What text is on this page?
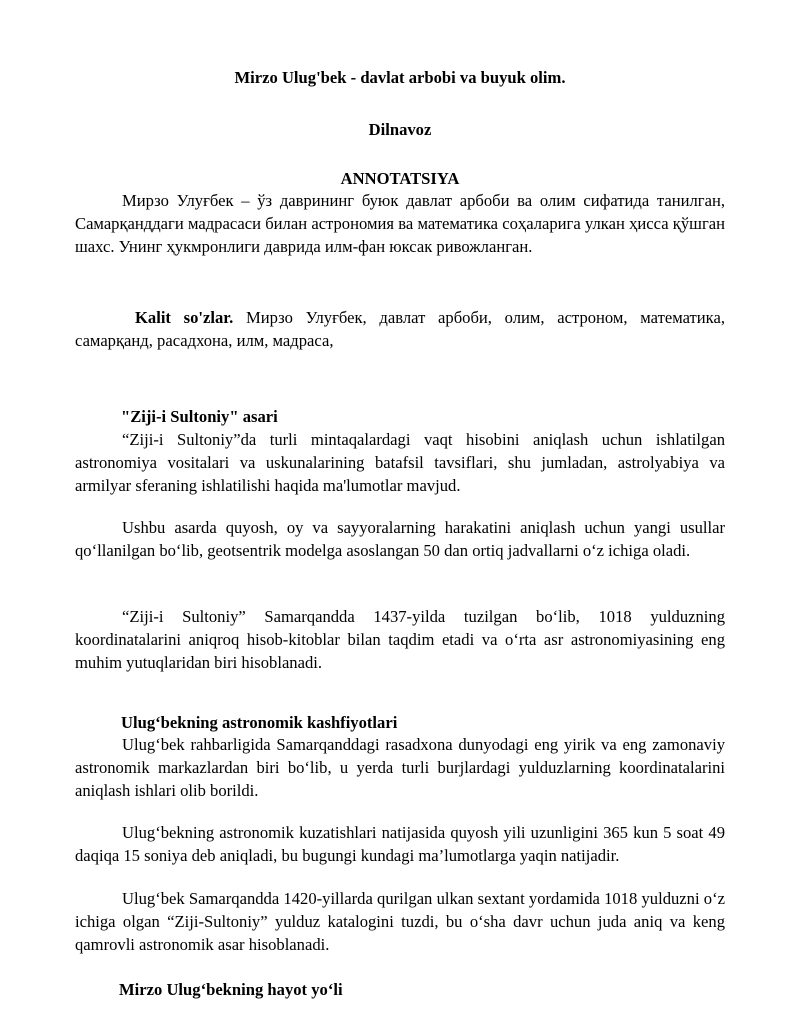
Mirzo Ulug'bek - davlat arbobi va buyuk olim.
Dilnavoz
ANNOTATSIYA

Мирзо Улуғбек – ўз даврининг буюк давлат арбоби ва олим сифатида танилган, Самарқанддаги мадрасаси билан астрономия ва математика соҳаларига улкан ҳисса қўшган шахс. Унинг ҳукмронлиги даврида илм-фан юксак ривожланган.

Kalit so'zlar. Мирзо Улуғбек, давлат арбоби, олим, астроном, математика, самарқанд, расадхона, илм, мадраса,

"Ziji-i Sultoniy" asari

“Ziji-i Sultoniy”da turli mintaqalardagi vaqt hisobini aniqlash uchun ishlatilgan astronomiya vositalari va uskunalarining batafsil tavsiflari, shu jumladan, astrolyabiya va armilyar sferaning ishlatilishi haqida ma'lumotlar mavjud.

Ushbu asarda quyosh, oy va sayyoralarning harakatini aniqlash uchun yangi usullar qo‘llanilgan bo‘lib, geotsentrik modelga asoslangan 50 dan ortiq jadvallarni o‘z ichiga oladi.

“Ziji-i Sultoniy” Samarqandda 1437-yilda tuzilgan bo‘lib, 1018 yulduzning koordinatalarini aniqroq hisob-kitoblar bilan taqdim etadi va o‘rta asr astronomiyasining eng muhim yutuqlaridan biri hisoblanadi.

Ulug‘bekning astronomik kashfiyotlari

Ulug‘bek rahbarligida Samarqanddagi rasadxona dunyodagi eng yirik va eng zamonaviy astronomik markazlardan biri bo‘lib, u yerda turli burjlardagi yulduzlarning koordinatalarini aniqlash ishlari olib borildi.

Ulug‘bekning astronomik kuzatishlari natijasida quyosh yili uzunligini 365 kun 5 soat 49 daqiqa 15 soniya deb aniqladi, bu bugungi kundagi ma’lumotlarga yaqin natijadir.

Ulug‘bek Samarqandda 1420-yillarda qurilgan ulkan sextant yordamida 1018 yulduzni o‘z ichiga olgan “Ziji-Sultoniy” yulduz katalogini tuzdi, bu o‘sha davr uchun juda aniq va keng qamrovli astronomik asar hisoblanadi.

Mirzo Ulug‘bekning hayot yo‘li
